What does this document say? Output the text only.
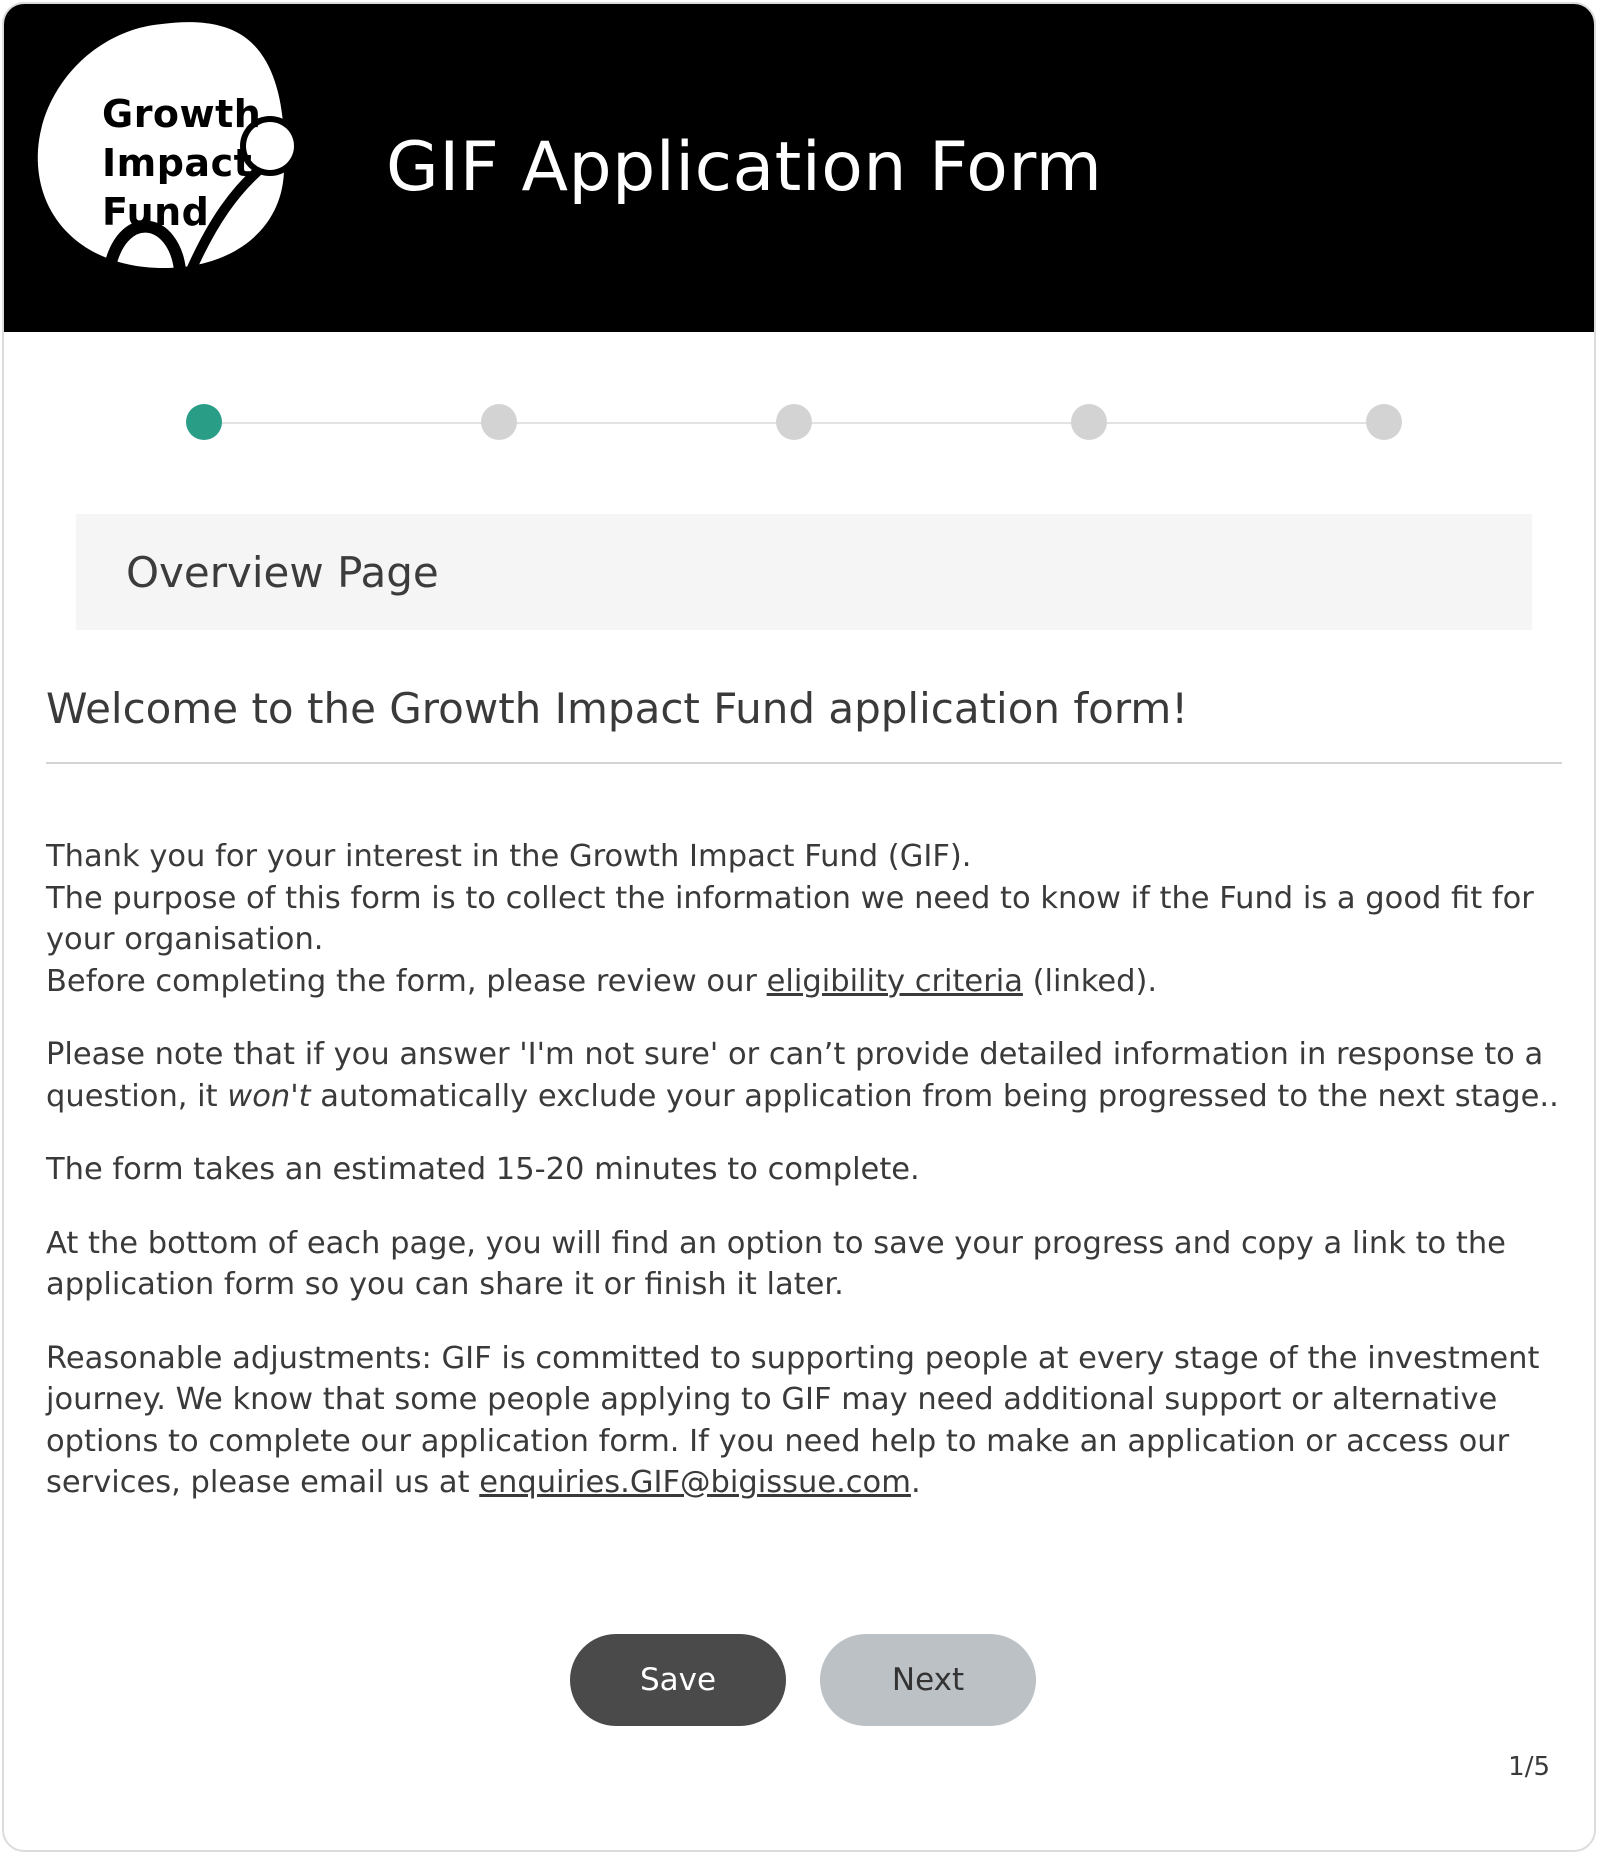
Growth
Impact
Fund
GIF Application Form
Overview Page
Welcome to the Growth Impact Fund application form!

Thank you for your interest in the Growth Impact Fund (GIF).
The purpose of this form is to collect the information we need to know if the Fund is a good fit for your organisation.
Before completing the form, please review our eligibility criteria (linked).

Please note that if you answer 'I'm not sure' or can’t provide detailed information in response to a question, it won't automatically exclude your application from being progressed to the next stage..

The form takes an estimated 15-20 minutes to complete.

At the bottom of each page, you will find an option to save your progress and copy a link to the application form so you can share it or finish it later.

Reasonable adjustments: GIF is committed to supporting people at every stage of the investment journey. We know that some people applying to GIF may need additional support or alternative options to complete our application form. If you need help to make an application or access our services, please email us at enquiries.GIF@bigissue.com.

Save	Next
1/5
